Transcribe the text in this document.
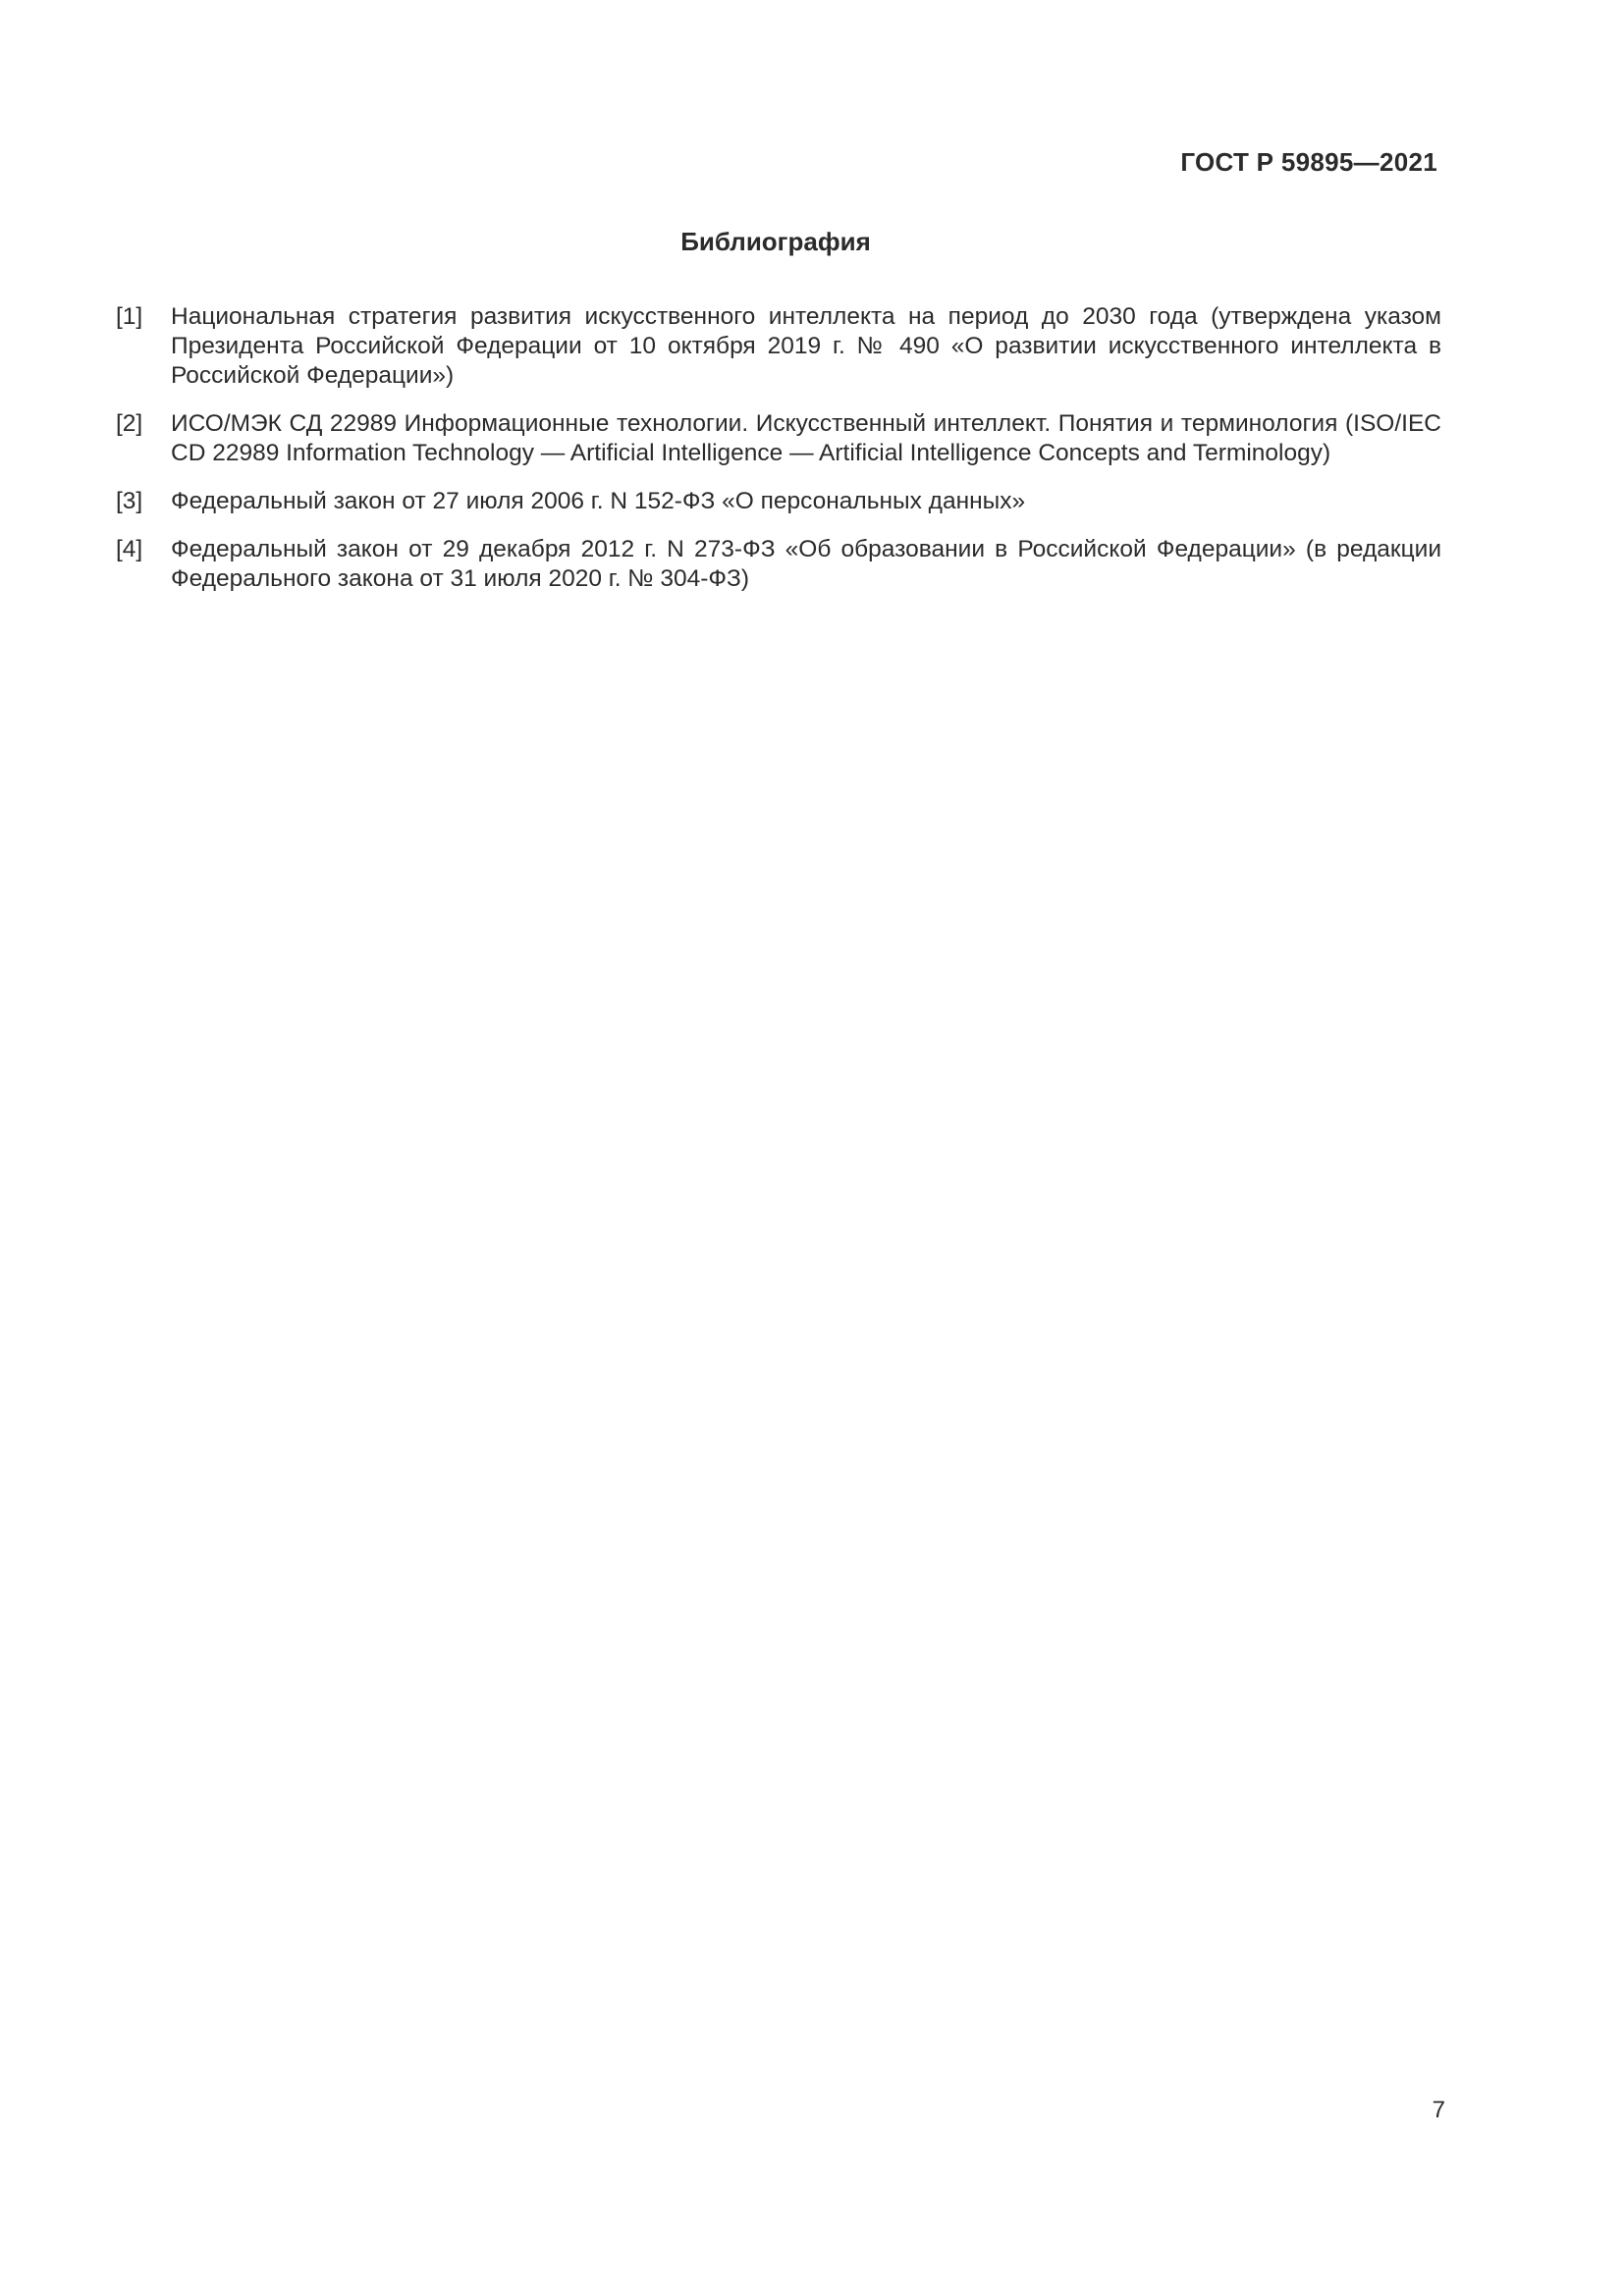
ГОСТ Р 59895—2021
Библиография
[1]	Национальная стратегия развития искусственного интеллекта на период до 2030 года (утверждена указом Президента Российской Федерации от 10 октября 2019 г. № 490 «О развитии искусственного интеллекта в Российской Федерации»)
[2]	ИСО/МЭК СД 22989 Информационные технологии. Искусственный интеллект. Понятия и терминология (ISO/IEC CD 22989 Information Technology — Artificial Intelligence — Artificial Intelligence Concepts and Terminology)
[3]	Федеральный закон от 27 июля 2006 г. N 152-ФЗ «О персональных данных»
[4]	Федеральный закон от 29 декабря 2012 г. N 273-ФЗ «Об образовании в Российской Федерации» (в редакции Федерального закона от 31 июля 2020 г. № 304-ФЗ)
7
